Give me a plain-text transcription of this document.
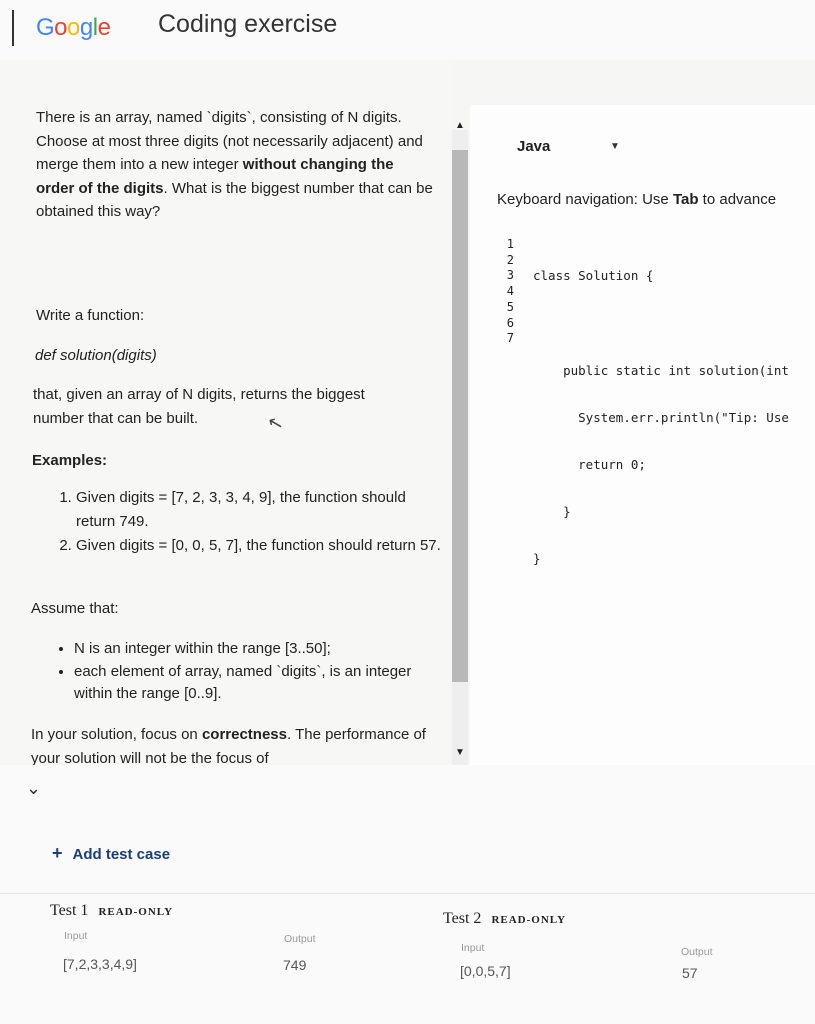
Google Coding exercise
There is an array, named `digits`, consisting of N digits. Choose at most three digits (not necessarily adjacent) and merge them into a new integer without changing the order of the digits. What is the biggest number that can be obtained this way?
Write a function:
def solution(digits)
that, given an array of N digits, returns the biggest number that can be built.	↖
Examples:
1. Given digits = [7, 2, 3, 3, 4, 9], the function should return 749.
2. Given digits = [0, 0, 5, 7], the function should return 57.
Assume that:
• N is an integer within the range [3..50];
• each element of array, named `digits`, is an integer within the range [0..9].
In your solution, focus on correctness. The performance of your solution will not be the focus of
▲
▼
Java	▼
Keyboard navigation: Use Tab to advance
1
2
3
4
5
6
7

class Solution {

public static int solution(int

System.err.println("Tip: Use

return 0;

}

}

⌄
+ Add test case
Test 1 READ-ONLY
Input
[7,2,3,3,4,9]
Output
749
Test 2 READ-ONLY
Input
[0,0,5,7]
Output
57
